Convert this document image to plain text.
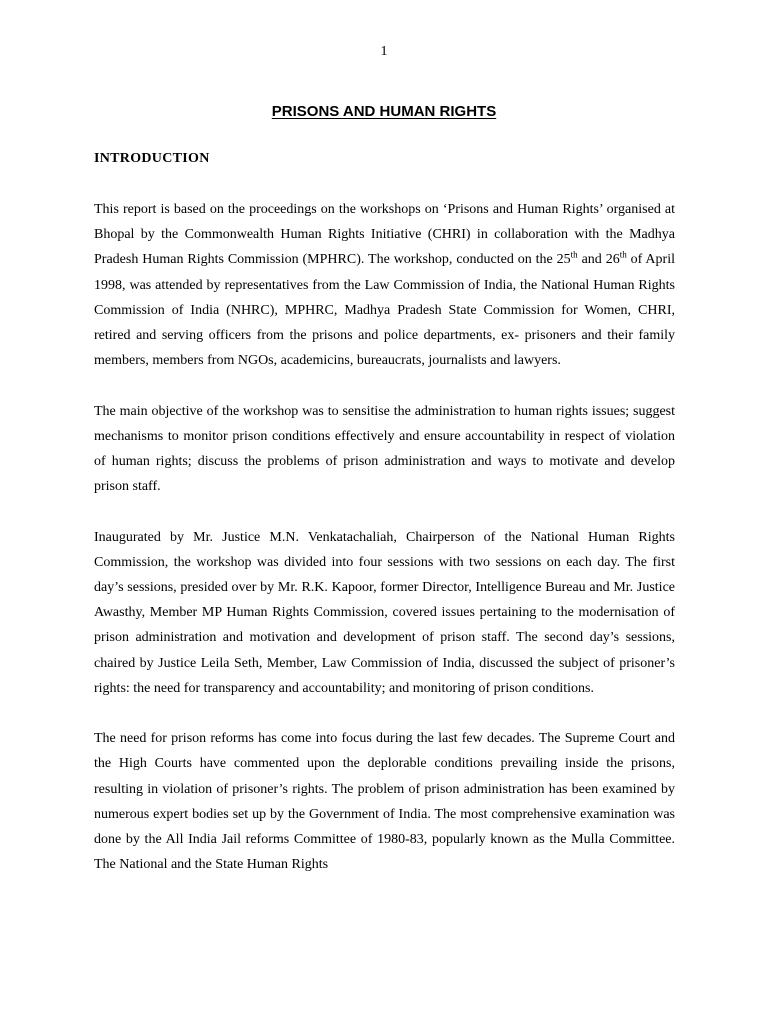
1
PRISONS AND HUMAN RIGHTS
INTRODUCTION

This report is based on the proceedings on the workshops on ‘Prisons and Human Rights’ organised at Bhopal by the Commonwealth Human Rights Initiative (CHRI) in collaboration with the Madhya Pradesh Human Rights Commission (MPHRC). The workshop, conducted on the 25th and 26th of April 1998, was attended by representatives from the Law Commission of India, the National Human Rights Commission of India (NHRC), MPHRC, Madhya Pradesh State Commission for Women, CHRI, retired and serving officers from the prisons and police departments, ex- prisoners and their family members, members from NGOs, academicins, bureaucrats, journalists and lawyers.

The main objective of the workshop was to sensitise the administration to human rights issues; suggest mechanisms to monitor prison conditions effectively and ensure accountability in respect of violation of human rights; discuss the problems of prison administration and ways to motivate and develop prison staff.

Inaugurated by Mr. Justice M.N. Venkatachaliah, Chairperson of the National Human Rights Commission, the workshop was divided into four sessions with two sessions on each day. The first day’s sessions, presided over by Mr. R.K. Kapoor, former Director, Intelligence Bureau and Mr. Justice Awasthy, Member MP Human Rights Commission, covered issues pertaining to the modernisation of prison administration and motivation and development of prison staff. The second day’s sessions, chaired by Justice Leila Seth, Member, Law Commission of India, discussed the subject of prisoner’s rights: the need for transparency and accountability; and monitoring of prison conditions.

The need for prison reforms has come into focus during the last few decades. The Supreme Court and the High Courts have commented upon the deplorable conditions prevailing inside the prisons, resulting in violation of prisoner’s rights. The problem of prison administration has been examined by numerous expert bodies set up by the Government of India. The most comprehensive examination was done by the All India Jail reforms Committee of 1980-83, popularly known as the Mulla Committee. The National and the State Human Rights
